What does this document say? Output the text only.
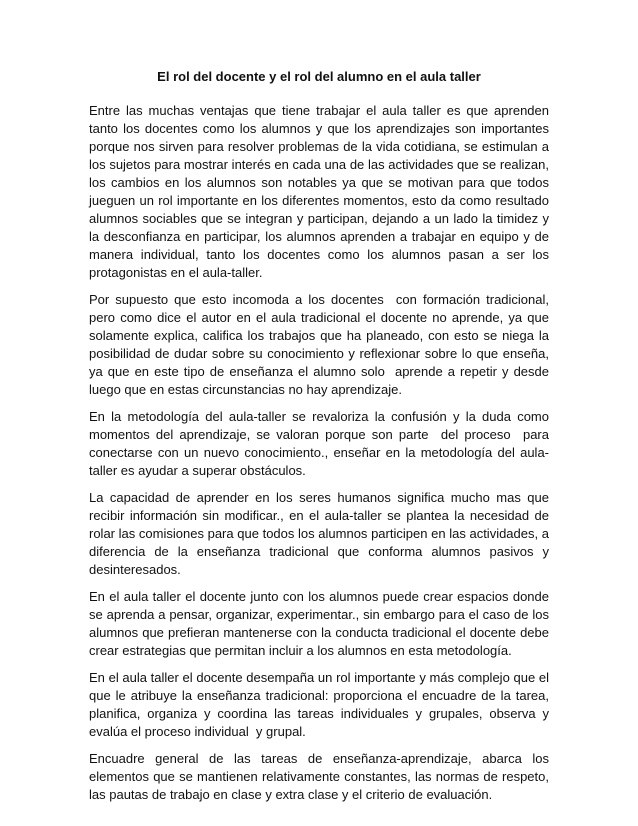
El rol del docente y el rol del alumno en el aula taller

Entre las muchas ventajas que tiene trabajar el aula taller es que aprenden tanto los docentes como los alumnos y que los aprendizajes son importantes porque nos sirven para resolver problemas de la vida cotidiana, se estimulan a los sujetos para mostrar interés en cada una de las actividades que se realizan, los cambios en los alumnos son notables ya que se motivan para que todos jueguen un rol importante en los diferentes momentos, esto da como resultado alumnos sociables que se integran y participan, dejando a un lado la timidez y la desconfianza en participar, los alumnos aprenden a trabajar en equipo y de manera individual, tanto los docentes como los alumnos pasan a ser los protagonistas en el aula-taller.

Por supuesto que esto incomoda a los docentes  con formación tradicional, pero como dice el autor en el aula tradicional el docente no aprende, ya que solamente explica, califica los trabajos que ha planeado, con esto se niega la posibilidad de dudar sobre su conocimiento y reflexionar sobre lo que enseña, ya que en este tipo de enseñanza el alumno solo  aprende a repetir y desde luego que en estas circunstancias no hay aprendizaje.

En la metodología del aula-taller se revaloriza la confusión y la duda como momentos del aprendizaje, se valoran porque son parte  del proceso  para conectarse con un nuevo conocimiento., enseñar en la metodología del aula-taller es ayudar a superar obstáculos.

La capacidad de aprender en los seres humanos significa mucho mas que recibir información sin modificar., en el aula-taller se plantea la necesidad de rolar las comisiones para que todos los alumnos participen en las actividades, a diferencia de la enseñanza tradicional que conforma alumnos pasivos y desinteresados.

En el aula taller el docente junto con los alumnos puede crear espacios donde se aprenda a pensar, organizar, experimentar., sin embargo para el caso de los alumnos que prefieran mantenerse con la conducta tradicional el docente debe crear estrategias que permitan incluir a los alumnos en esta metodología.

En el aula taller el docente desempaña un rol importante y más complejo que el que le atribuye la enseñanza tradicional: proporciona el encuadre de la tarea, planifica, organiza y coordina las tareas individuales y grupales, observa y evalúa el proceso individual  y grupal.

Encuadre general de las tareas de enseñanza-aprendizaje, abarca los elementos que se mantienen relativamente constantes, las normas de respeto, las pautas de trabajo en clase y extra clase y el criterio de evaluación.
